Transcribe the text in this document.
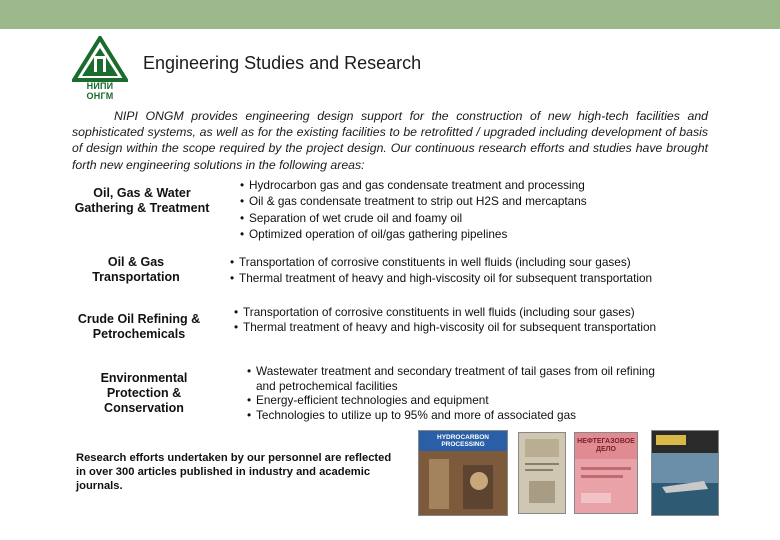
НИПИ ОНГМ
Engineering Studies and Research
NIPI ONGM provides engineering design support for the construction of new high-tech facilities and sophisticated systems, as well as for the existing facilities to be retrofitted / upgraded including development of basis of design within the scope required by the project design. Our continuous research efforts and studies have brought forth new engineering solutions in the following areas:
Oil, Gas & Water Gathering & Treatment
• Hydrocarbon gas and gas condensate treatment and processing
• Oil & gas condensate treatment to strip out H2S and mercaptans
• Separation of wet crude oil and foamy oil
• Optimized operation of oil/gas gathering pipelines
Oil & Gas Transportation
• Transportation of corrosive constituents in well fluids (including sour gases)
• Thermal treatment of heavy and high-viscosity oil for subsequent transportation
Crude Oil Refining & Petrochemicals
• Transportation of corrosive constituents in well fluids (including sour gases)
• Thermal treatment of heavy and high-viscosity oil for subsequent transportation
Environmental Protection & Conservation
• Wastewater treatment and secondary treatment of tail gases from oil refining and petrochemical facilities
• Energy-efficient technologies and equipment
• Technologies to utilize up to 95% and more of associated gas
Research efforts undertaken by our personnel are reflected in over 300 articles published in industry and academic journals.
HYDROCARBON PROCESSING	НЕФТЕГАЗОВОЕ ДЕЛО
